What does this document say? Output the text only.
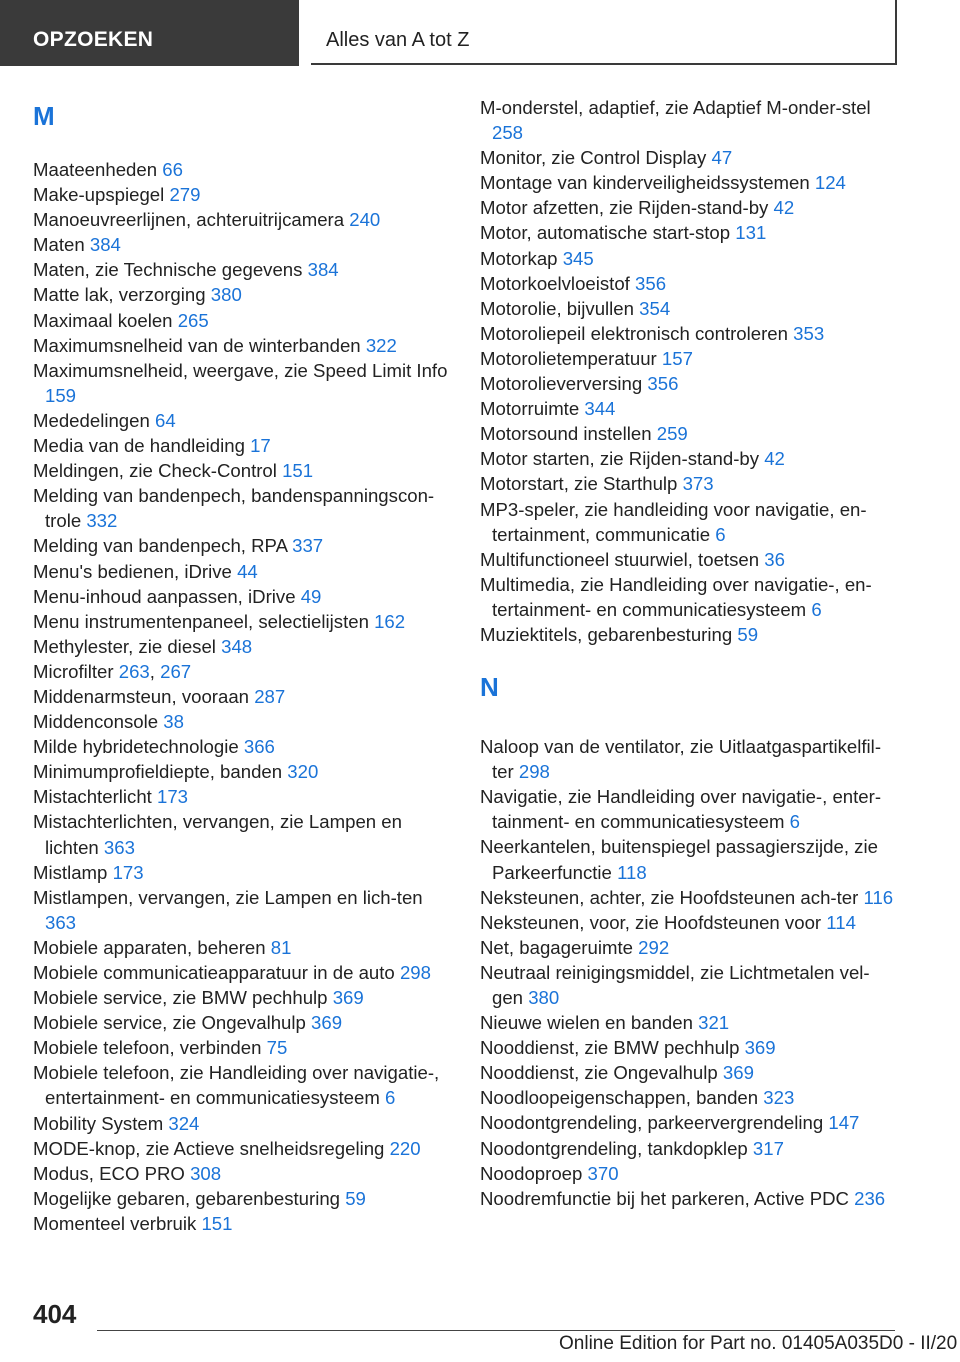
OPZOEKEN	Alles van A tot Z
M
Maateenheden 66
Make-upspiegel 279
Manoeuvreerlijnen, achteruitrijcamera 240
Maten 384
Maten, zie Technische gegevens 384
Matte lak, verzorging 380
Maximaal koelen 265
Maximumsnelheid van de winterbanden 322
Maximumsnelheid, weergave, zie Speed Limit Info 159
Mededelingen 64
Media van de handleiding 17
Meldingen, zie Check-Control 151
Melding van bandenpech, bandenspanningscon-trole 332
Melding van bandenpech, RPA 337
Menu's bedienen, iDrive 44
Menu-inhoud aanpassen, iDrive 49
Menu instrumentenpaneel, selectielijsten 162
Methylester, zie diesel 348
Microfilter 263, 267
Middenarmsteun, vooraan 287
Middenconsole 38
Milde hybridetechnologie 366
Minimumprofieldiepte, banden 320
Mistachterlicht 173
Mistachterlichten, vervangen, zie Lampen en lichten 363
Mistlamp 173
Mistlampen, vervangen, zie Lampen en lich-ten 363
Mobiele apparaten, beheren 81
Mobiele communicatieapparatuur in de auto 298
Mobiele service, zie BMW pechhulp 369
Mobiele service, zie Ongevalhulp 369
Mobiele telefoon, verbinden 75
Mobiele telefoon, zie Handleiding over navigatie-, entertainment- en communicatiesysteem 6
Mobility System 324
MODE-knop, zie Actieve snelheidsregeling 220
Modus, ECO PRO 308
Mogelijke gebaren, gebarenbesturing 59
Momenteel verbruik 151
M-onderstel, adaptief, zie Adaptief M-onder-stel 258
Monitor, zie Control Display 47
Montage van kinderveiligheidssystemen 124
Motor afzetten, zie Rijden-stand-by 42
Motor, automatische start-stop 131
Motorkap 345
Motorkoelvloeistof 356
Motorolie, bijvullen 354
Motoroliepeil elektronisch controleren 353
Motorolietemperatuur 157
Motorolieverversing 356
Motorruimte 344
Motorsound instellen 259
Motor starten, zie Rijden-stand-by 42
Motorstart, zie Starthulp 373
MP3-speler, zie handleiding voor navigatie, en-tertainment, communicatie 6
Multifunctioneel stuurwiel, toetsen 36
Multimedia, zie Handleiding over navigatie-, en-tertainment- en communicatiesysteem 6
Muziektitels, gebarenbesturing 59
N
Naloop van de ventilator, zie Uitlaatgaspartikelfil-ter 298
Navigatie, zie Handleiding over navigatie-, enter-tainment- en communicatiesysteem 6
Neerkantelen, buitenspiegel passagierszijde, zie Parkeerfunctie 118
Neksteunen, achter, zie Hoofdsteunen ach-ter 116
Neksteunen, voor, zie Hoofdsteunen voor 114
Net, bagageruimte 292
Neutraal reinigingsmiddel, zie Lichtmetalen vel-gen 380
Nieuwe wielen en banden 321
Nooddienst, zie BMW pechhulp 369
Nooddienst, zie Ongevalhulp 369
Noodloopeigenschappen, banden 323
Noodontgrendeling, parkeervergrendeling 147
Noodontgrendeling, tankdopklep 317
Noodoproep 370
Noodremfunctie bij het parkeren, Active PDC 236
404
Online Edition for Part no. 01405A035D0 - II/20
